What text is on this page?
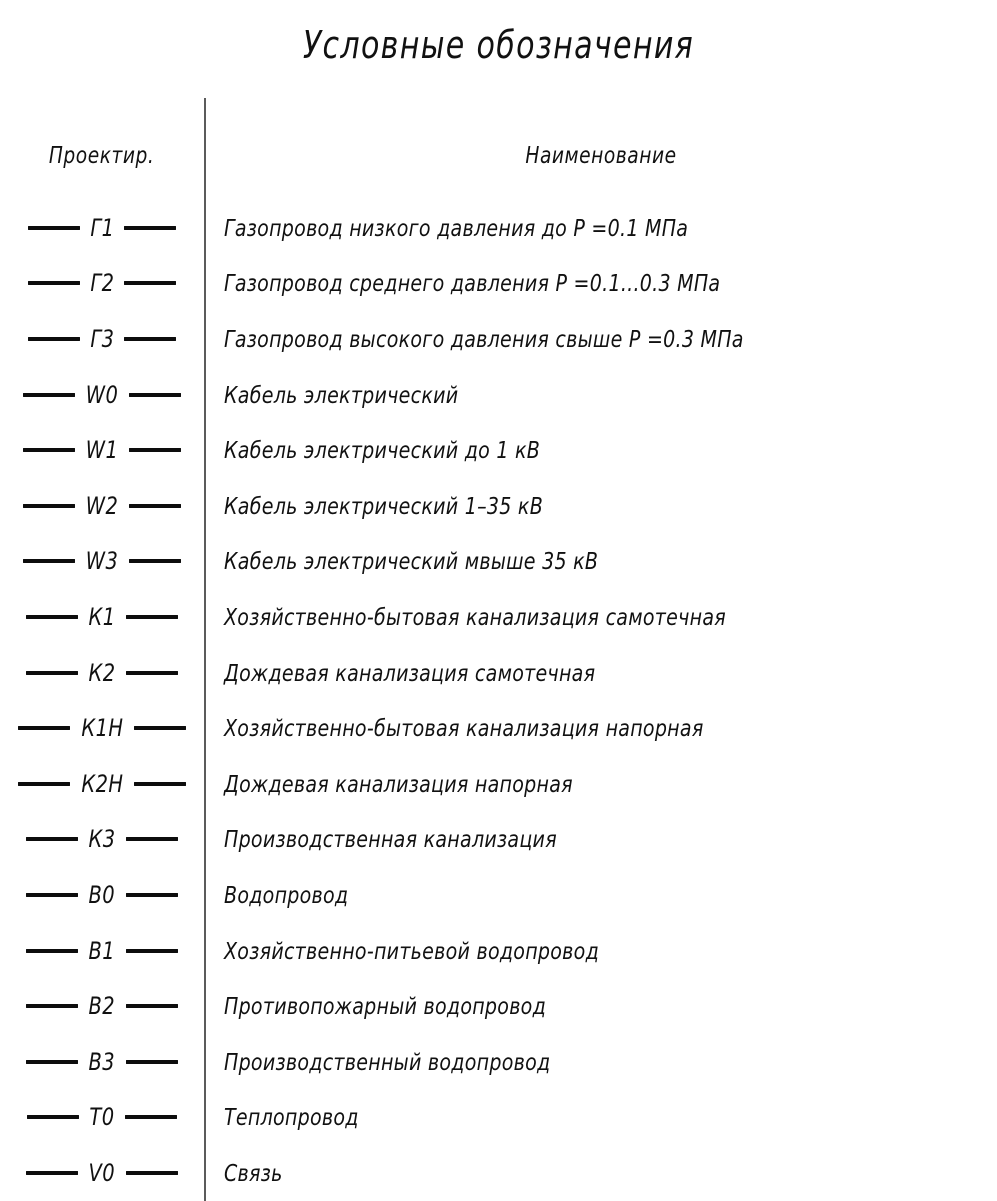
Условные обозначения
Проектир.	Наименование

Г1	Газопровод низкого давления до Р =0.1 МПа

Г2	Газопровод среднего давления Р =0.1...0.3 МПа

Г3	Газопровод высокого давления свыше Р =0.3 МПа

W0	Кабель электрический

W1	Кабель электрический до 1 кВ

W2	Кабель электрический 1–35 кВ

W3	Кабель электрический мвыше 35 кВ

К1	Хозяйственно-бытовая канализация самотечная

К2	Дождевая канализация самотечная

К1Н	Хозяйственно-бытовая канализация напорная

К2Н	Дождевая канализация напорная

К3	Производственная канализация

В0	Водопровод

В1	Хозяйственно-питьевой водопровод

В2	Противопожарный водопровод

В3	Производственный водопровод

Т0	Теплопровод

V0	Связь
